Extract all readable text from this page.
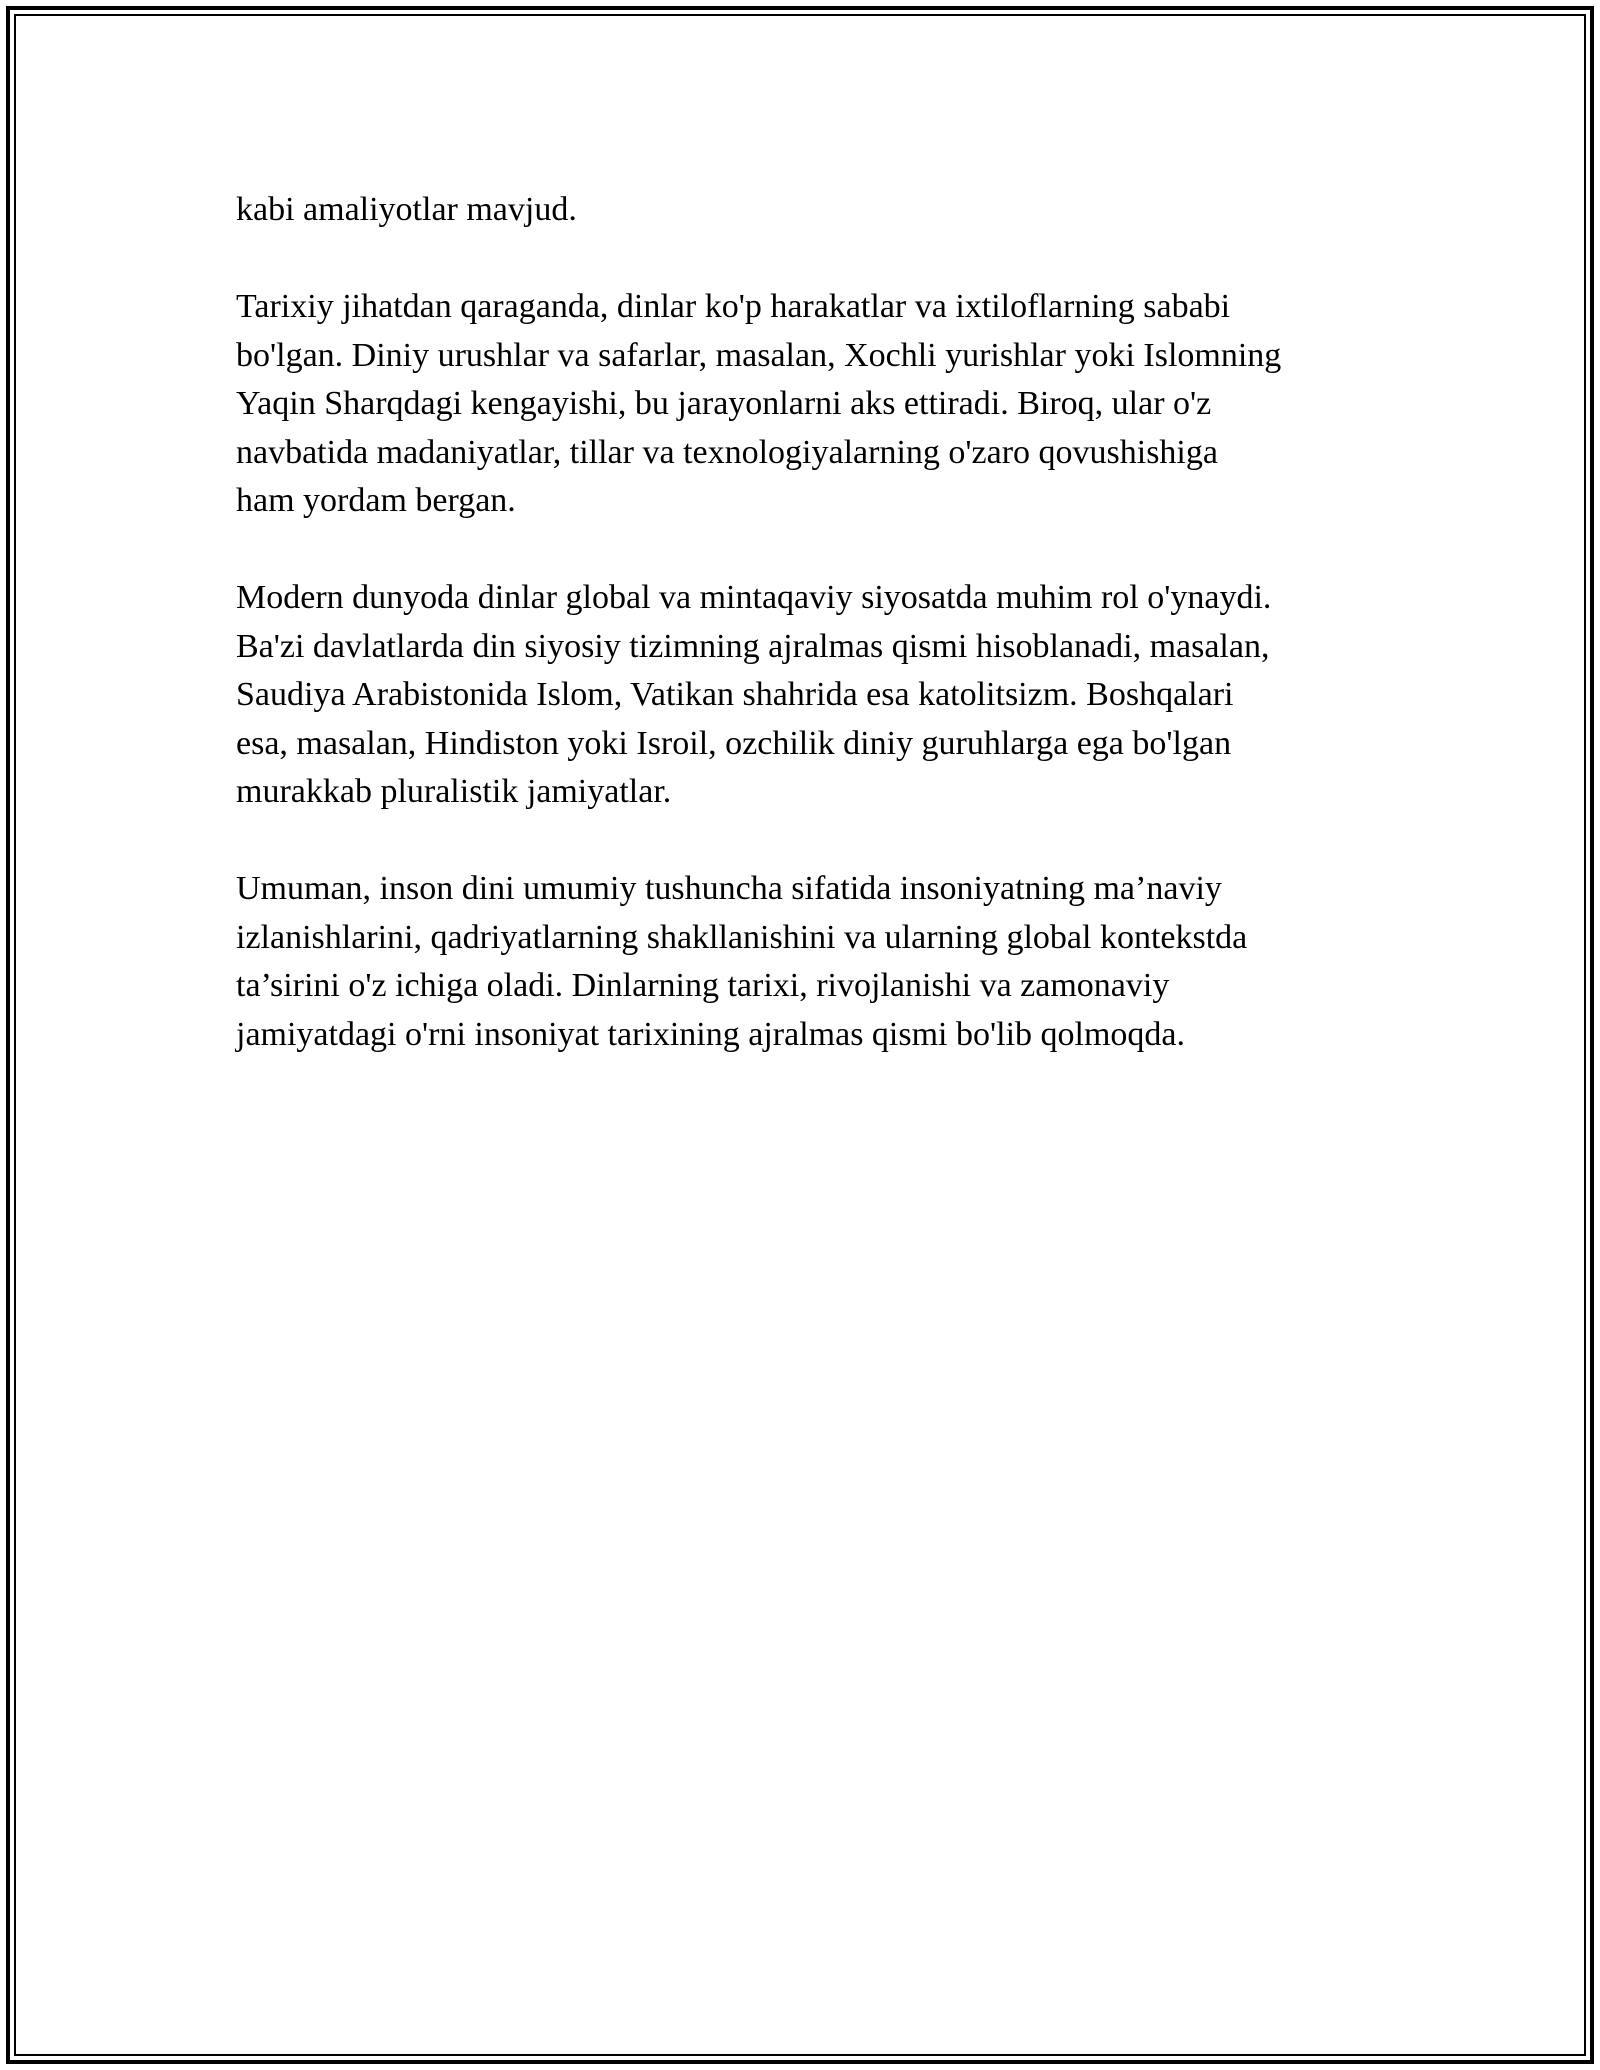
kabi amaliyotlar mavjud.

Tarixiy jihatdan qaraganda, dinlar ko'p harakatlar va ixtiloflarning sababi
bo'lgan. Diniy urushlar va safarlar, masalan, Xochli yurishlar yoki Islomning
Yaqin Sharqdagi kengayishi, bu jarayonlarni aks ettiradi. Biroq, ular o'z
navbatida madaniyatlar, tillar va texnologiyalarning o'zaro qovushishiga
ham yordam bergan.

Modern dunyoda dinlar global va mintaqaviy siyosatda muhim rol o'ynaydi.
Ba'zi davlatlarda din siyosiy tizimning ajralmas qismi hisoblanadi, masalan,
Saudiya Arabistonida Islom, Vatikan shahrida esa katolitsizm. Boshqalari
esa, masalan, Hindiston yoki Isroil, ozchilik diniy guruhlarga ega bo'lgan
murakkab pluralistik jamiyatlar.

Umuman, inson dini umumiy tushuncha sifatida insoniyatning ma’naviy
izlanishlarini, qadriyatlarning shakllanishini va ularning global kontekstda
ta’sirini o'z ichiga oladi. Dinlarning tarixi, rivojlanishi va zamonaviy
jamiyatdagi o'rni insoniyat tarixining ajralmas qismi bo'lib qolmoqda.
